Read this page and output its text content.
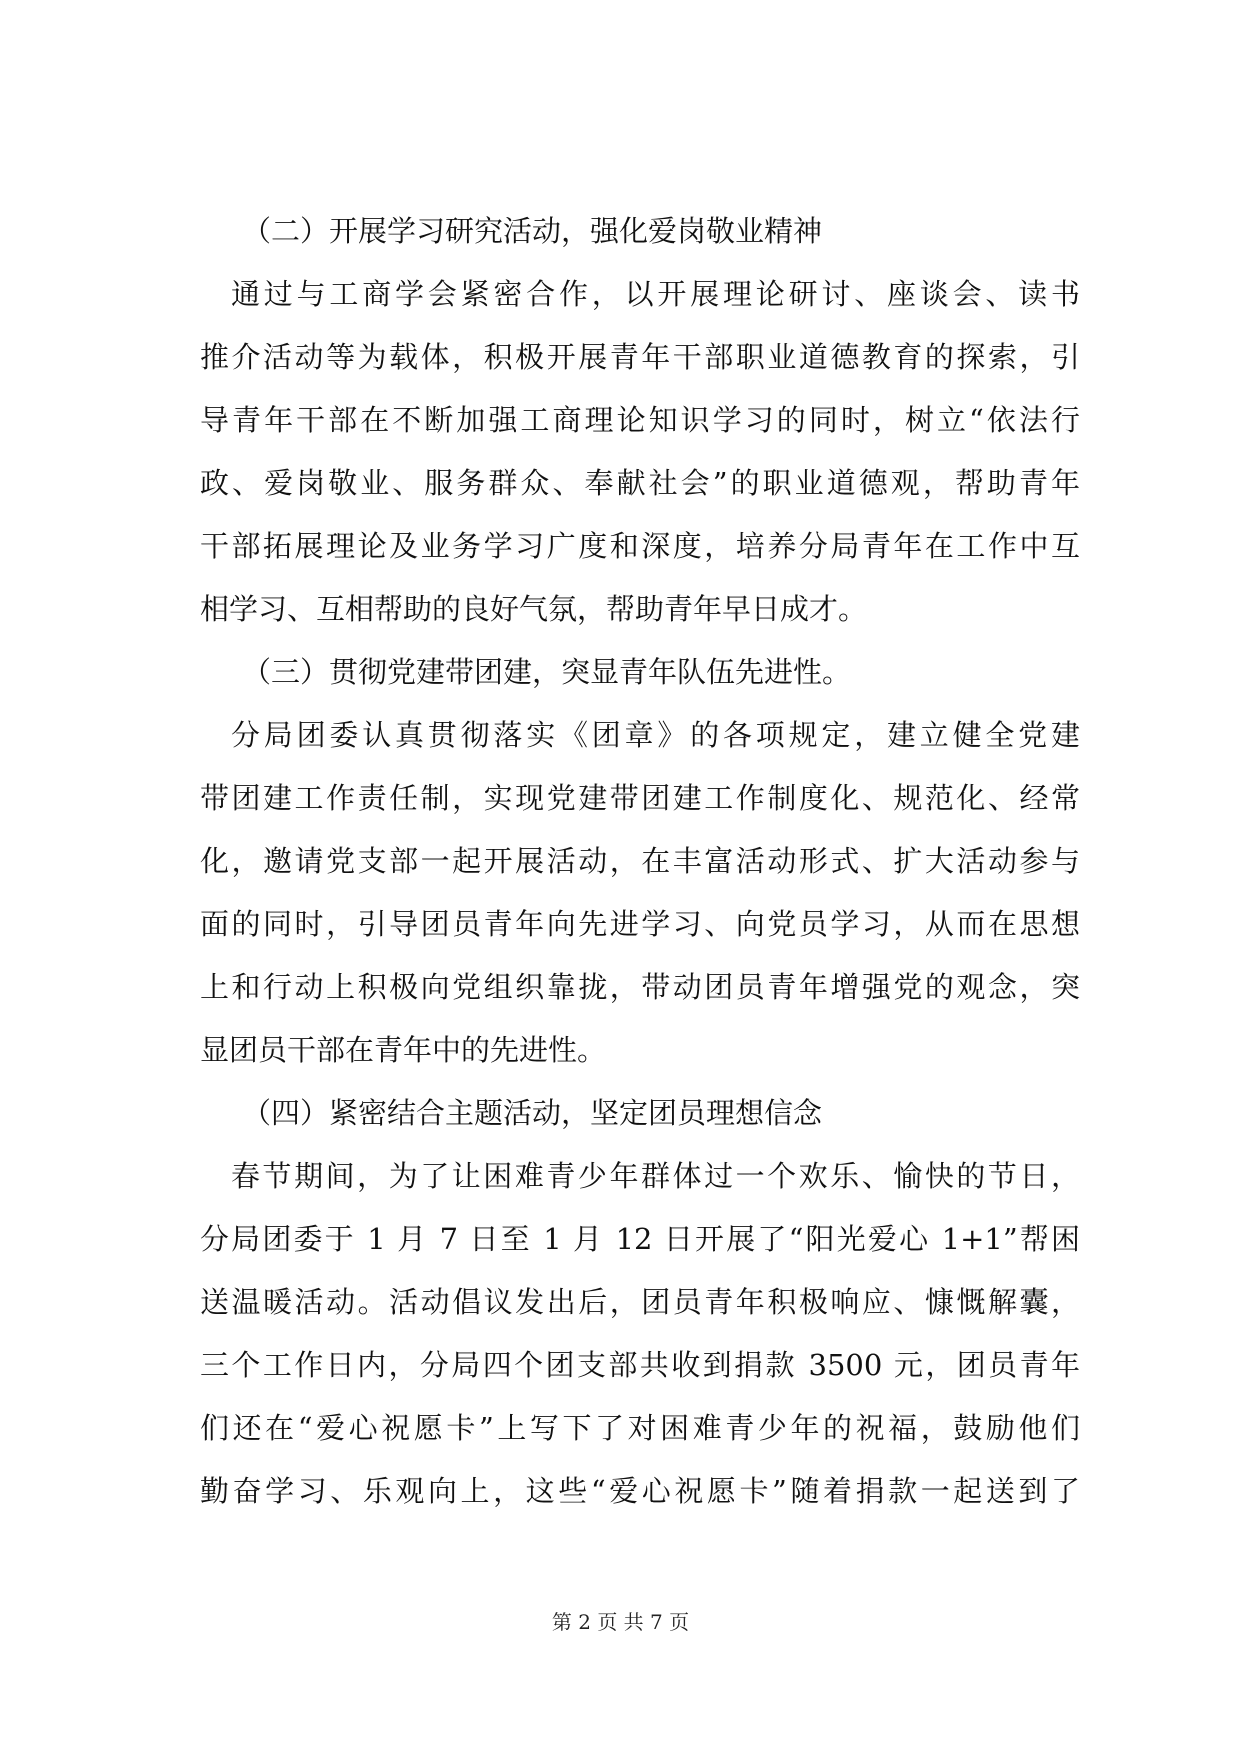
（二）开展学习研究活动，强化爱岗敬业精神
通过与工商学会紧密合作，以开展理论研讨、座谈会、读书
推介活动等为载体，积极开展青年干部职业道德教育的探索，引
导青年干部在不断加强工商理论知识学习的同时，树立“依法行
政、爱岗敬业、服务群众、奉献社会”的职业道德观，帮助青年
干部拓展理论及业务学习广度和深度，培养分局青年在工作中互
相学习、互相帮助的良好气氛，帮助青年早日成才。
（三）贯彻党建带团建，突显青年队伍先进性。
分局团委认真贯彻落实《团章》的各项规定，建立健全党建
带团建工作责任制，实现党建带团建工作制度化、规范化、经常
化，邀请党支部一起开展活动，在丰富活动形式、扩大活动参与
面的同时，引导团员青年向先进学习、向党员学习，从而在思想
上和行动上积极向党组织靠拢，带动团员青年增强党的观念，突
显团员干部在青年中的先进性。
（四）紧密结合主题活动，坚定团员理想信念
春节期间，为了让困难青少年群体过一个欢乐、愉快的节日，
分局团委于 1 月 7 日至 1 月 12 日开展了“阳光爱心 1+1”帮困
送温暖活动。活动倡议发出后，团员青年积极响应、慷慨解囊，
三个工作日内，分局四个团支部共收到捐款 3500 元，团员青年
们还在“爱心祝愿卡”上写下了对困难青少年的祝福，鼓励他们
勤奋学习、乐观向上，这些“爱心祝愿卡”随着捐款一起送到了
第 2 页 共 7 页
